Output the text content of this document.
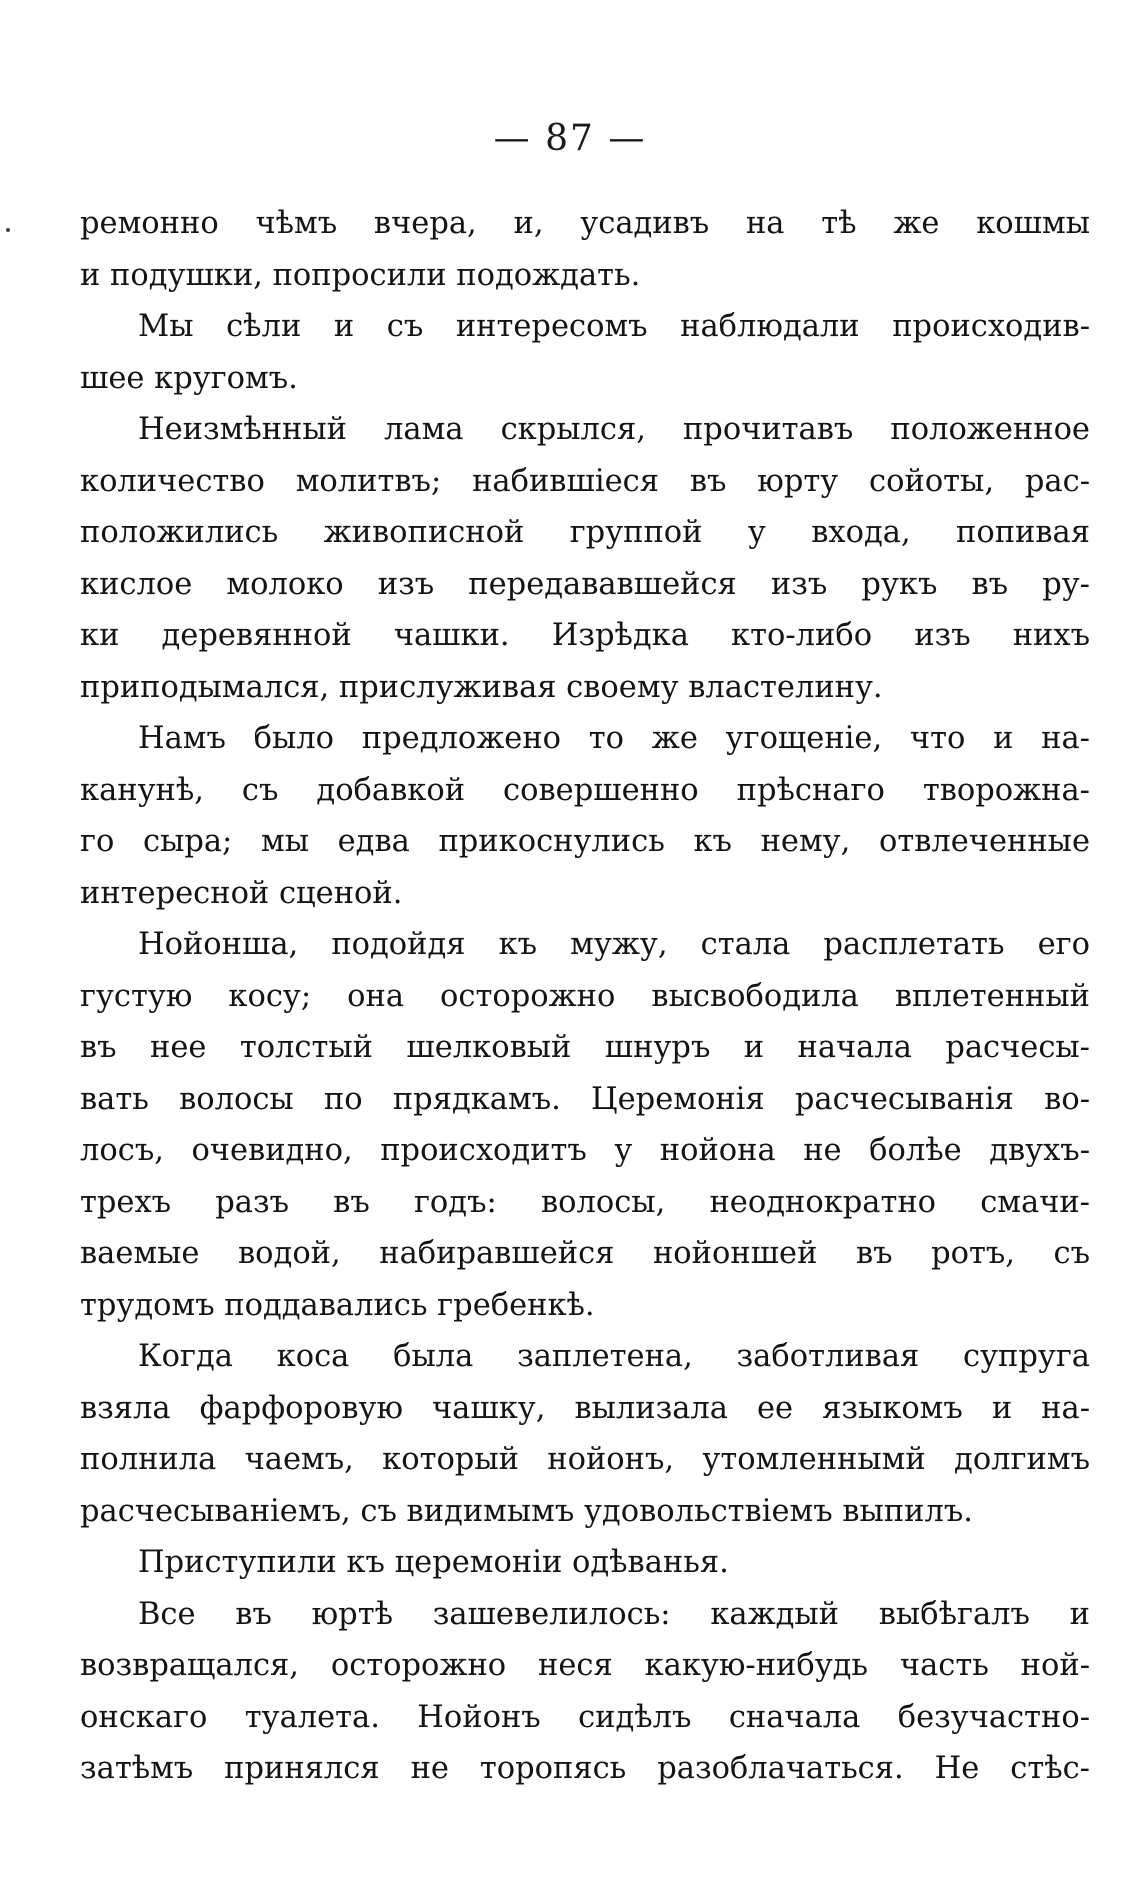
— 87 —

ремонно чѣмъ вчера, и, усадивъ на тѣ же кошмы
и подушки, попросили подождать.

Мы сѣли и съ интересомъ наблюдали происходив-
шее кругомъ.

Неизмѣнный лама скрылся, прочитавъ положенное
количество молитвъ; набившiеся въ юрту сойоты, рас-
положились живописной группой у входа, попивая
кислое молоко изъ передававшейся изъ рукъ въ ру-
ки деревянной чашки. Изрѣдка кто-либо изъ нихъ
приподымался, прислуживая своему властелину.

Намъ было предложено то же угощенiе, что и на-
канунѣ, съ добавкой совершенно прѣснаго творожна-
го сыра; мы едва прикоснулись къ нему, отвлеченные
интересной сценой.

Нойонша, подойдя къ мужу, стала расплетать его
густую косу; она осторожно высвободила вплетенный
въ нее толстый шелковый шнуръ и начала расчесы-
вать волосы по прядкамъ. Церемонiя расчесыванiя во-
лосъ, очевидно, происходитъ у нойона не болѣе двухъ-
трехъ разъ въ годъ: волосы, неоднократно смачи-
ваемые водой, набиравшейся нойоншей въ ротъ, съ
трудомъ поддавались гребенкѣ.

Когда коса была заплетена, заботливая супруга
взяла фарфоровую чашку, вылизала ее языкомъ и на-
полнила чаемъ, который нойонъ, утомленнымй долгимъ
расчесыванiемъ, съ видимымъ удовольствiемъ выпилъ.

Приступили къ церемонiи одѣванья.

Все въ юртѣ зашевелилось: каждый выбѣгалъ и
возвращался, осторожно неся какую-нибудь часть ной-
онскаго туалета. Нойонъ сидѣлъ сначала безучастно-
затѣмъ принялся не торопясь разоблачаться. Не стѣс-
